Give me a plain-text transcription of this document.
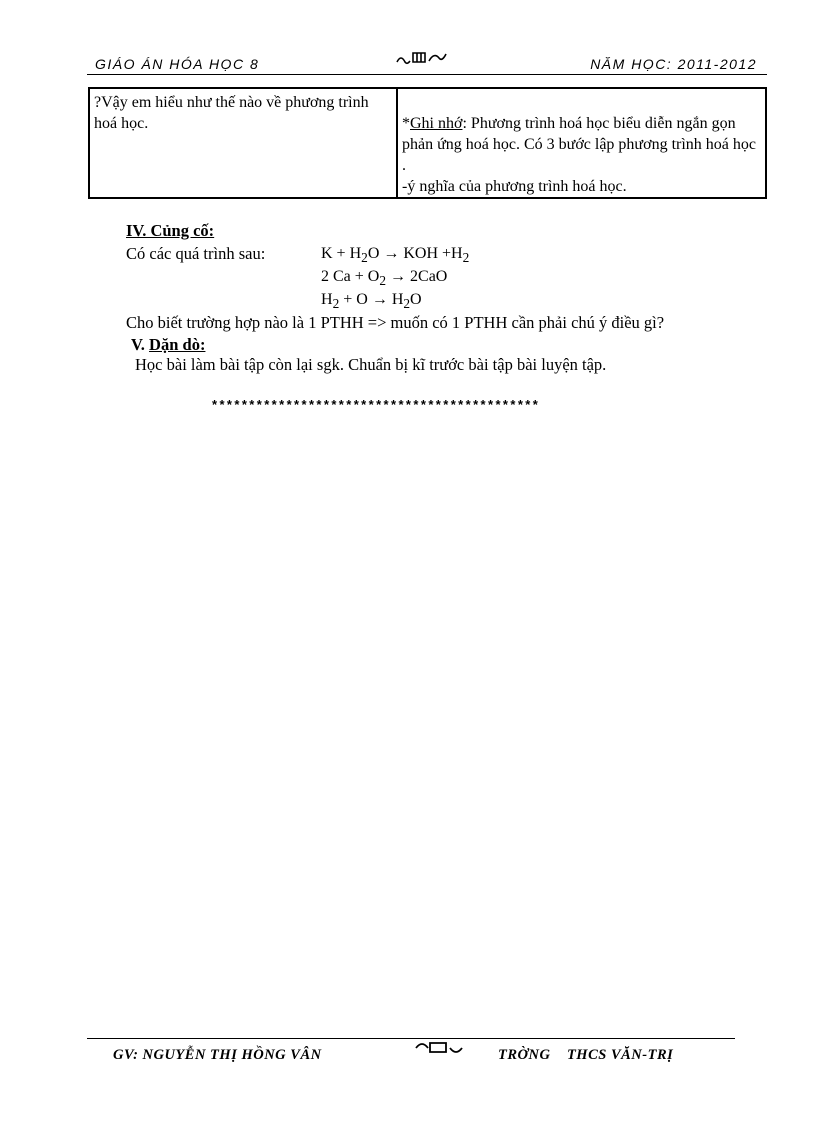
GIÁO ÁN HÓA HỌC 8	NĂM HỌC: 2011-2012
?Vậy em hiểu như thế nào về phương trình hoá học.	*Ghi nhớ: Phương trình hoá học biểu diễn ngắn gọn phản ứng hoá học. Có 3 bước lập phương trình hoá học .
-ý nghĩa của phương trình hoá học.
IV. Củng cố:
Có các quá trình sau:	$K + H_2O$ → KOH $+H_2$
2 $Ca + O_2 \to 2CaO$
$H_2 + O \to H_2O$
Cho biết trường hợp nào là 1 PTHH => muốn có 1 PTHH cần phải chú ý điều gì?
V. Dặn dò:
Học bài làm bài tập còn lại sgk. Chuẩn bị kĩ trước bài tập bài luyện tập.
********************************************
GV: NGUYỄN THỊ HỒNG VÂN	TRỜNG    THCS VĂN-TRỊ
